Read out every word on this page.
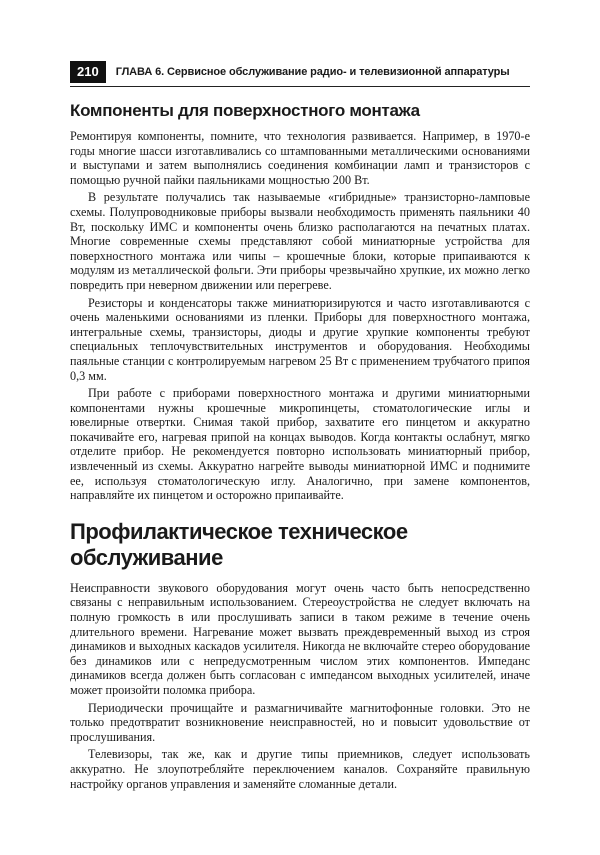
210	ГЛАВА 6. Сервисное обслуживание радио- и телевизионной аппаратуры
Компоненты для поверхностного монтажа

Ремонтируя компоненты, помните, что технология развивается. Например, в 1970-е годы многие шасси изготавливались со штампованными металлическими основаниями и выступами и затем выполнялись соединения комбинации ламп и транзисторов с помощью ручной пайки паяльниками мощностью 200 Вт.

В результате получались так называемые «гибридные» транзисторно-ламповые схемы. Полупроводниковые приборы вызвали необходимость применять паяльники 40 Вт, поскольку ИМС и компоненты очень близко располагаются на печатных платах. Многие современные схемы представляют собой миниатюрные устройства для поверхностного монтажа или чипы – крошечные блоки, которые припаиваются к модулям из металлической фольги. Эти приборы чрезвычайно хрупкие, их можно легко повредить при неверном движении или перегреве.

Резисторы и конденсаторы также миниатюризируются и часто изготавливаются с очень маленькими основаниями из пленки. Приборы для поверхностного монтажа, интегральные схемы, транзисторы, диоды и другие хрупкие компоненты требуют специальных теплочувствительных инструментов и оборудования. Необходимы паяльные станции с контролируемым нагревом 25 Вт с применением трубчатого припоя 0,3 мм.

При работе с приборами поверхностного монтажа и другими миниатюрными компонентами нужны крошечные микропинцеты, стоматологические иглы и ювелирные отвертки. Снимая такой прибор, захватите его пинцетом и аккуратно покачивайте его, нагревая припой на концах выводов. Когда контакты ослабнут, мягко отделите прибор. Не рекомендуется повторно использовать миниатюрный прибор, извлеченный из схемы. Аккуратно нагрейте выводы миниатюрной ИМС и поднимите ее, используя стоматологическую иглу. Аналогично, при замене компонентов, направляйте их пинцетом и осторожно припаивайте.

Профилактическое техническое обслуживание

Неисправности звукового оборудования могут очень часто быть непосредственно связаны с неправильным использованием. Стереоустройства не следует включать на полную громкость в или прослушивать записи в таком режиме в течение очень длительного времени. Нагревание может вызвать преждевременный выход из строя динамиков и выходных каскадов усилителя. Никогда не включайте стерео оборудование без динамиков или с непредусмотренным числом этих компонентов. Импеданс динамиков всегда должен быть согласован с импедансом выходных усилителей, иначе может произойти поломка прибора.

Периодически прочищайте и размагничивайте магнитофонные головки. Это не только предотвратит возникновение неисправностей, но и повысит удовольствие от прослушивания.

Телевизоры, так же, как и другие типы приемников, следует использовать аккуратно. Не злоупотребляйте переключением каналов. Сохраняйте правильную настройку органов управления и заменяйте сломанные детали.
